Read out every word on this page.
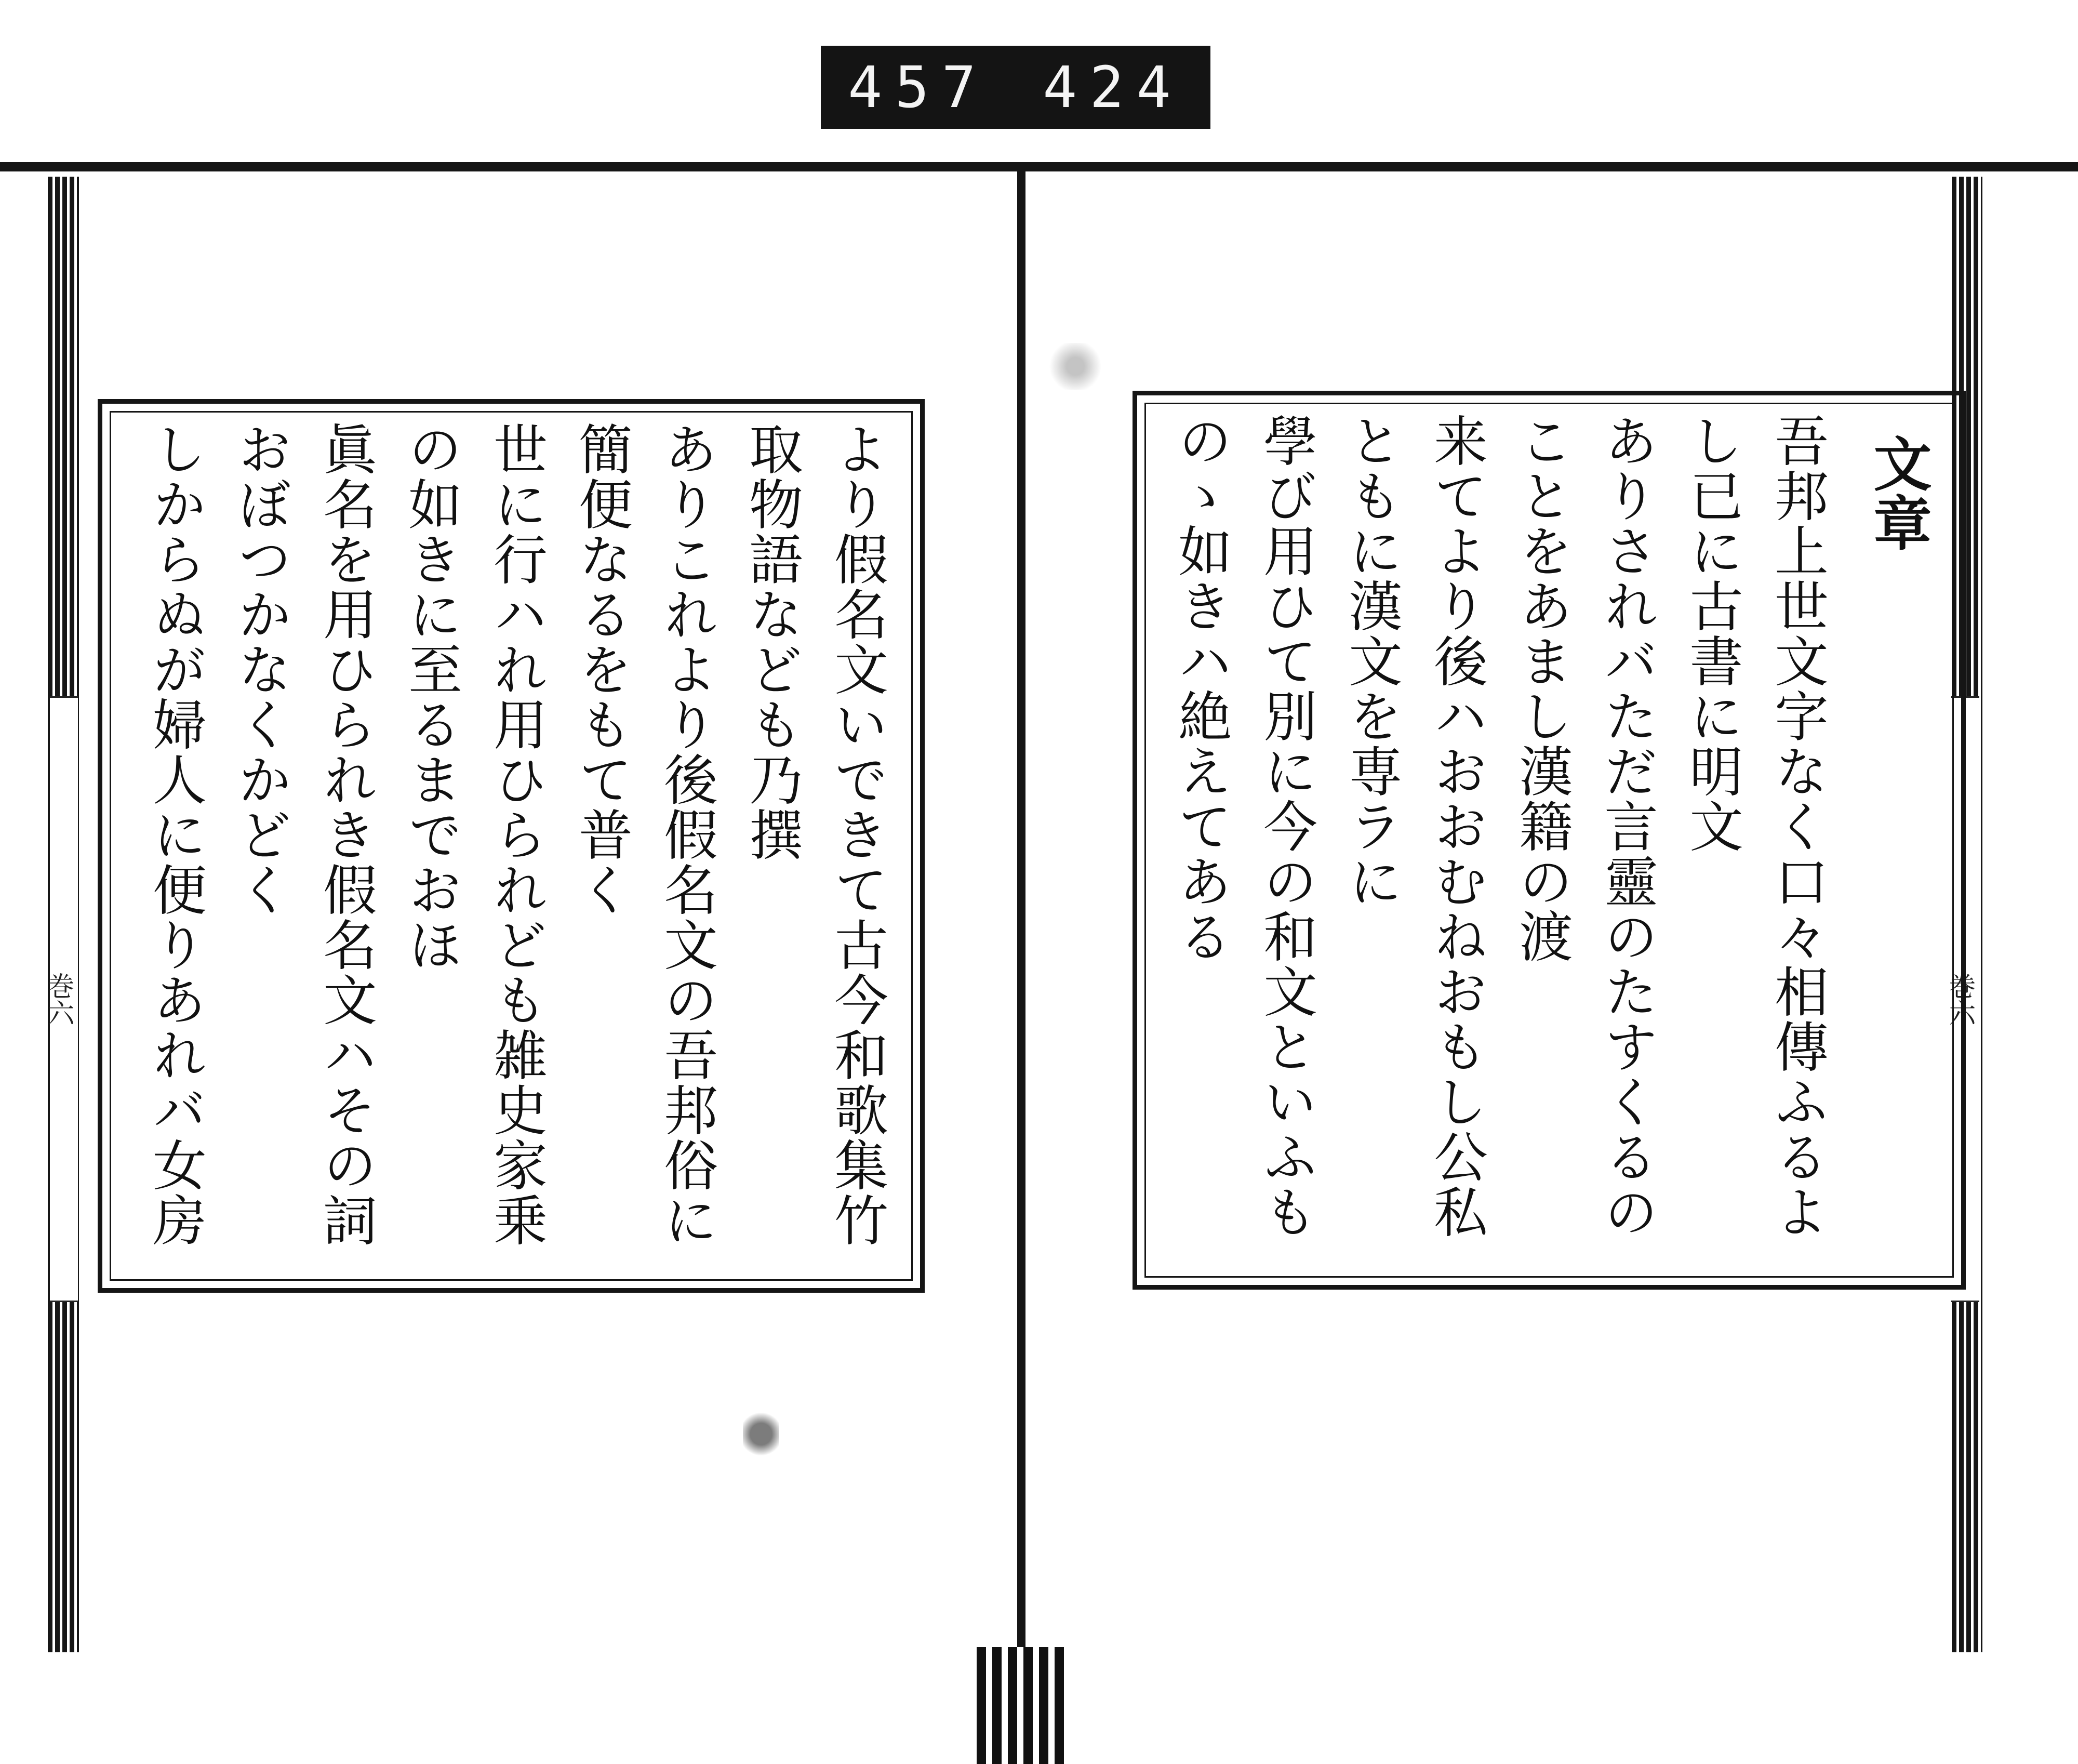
457 424
巻六	巻六
文章
吾邦上世文字なく口々相傳ふるよし已に古書に明文
ありされバただ言靈のたすくるのことをあまし漢籍の渡
来てより後ハおおむねおもし公私ともに漢文を専ラに
學び用ひて別に今の和文といふものゝ如きハ絶えてある
より假名文いできて古今和歌集竹取物語なども乃撰
ありこれより後假名文の吾邦俗に簡便なるをもて普く
世に行ハれ用ひられども雑史家乗の如きに至るまでおほ
眞名を用ひられき假名文ハその詞おぼつかなくかどく
しからぬが婦人に便りあれバ女房
